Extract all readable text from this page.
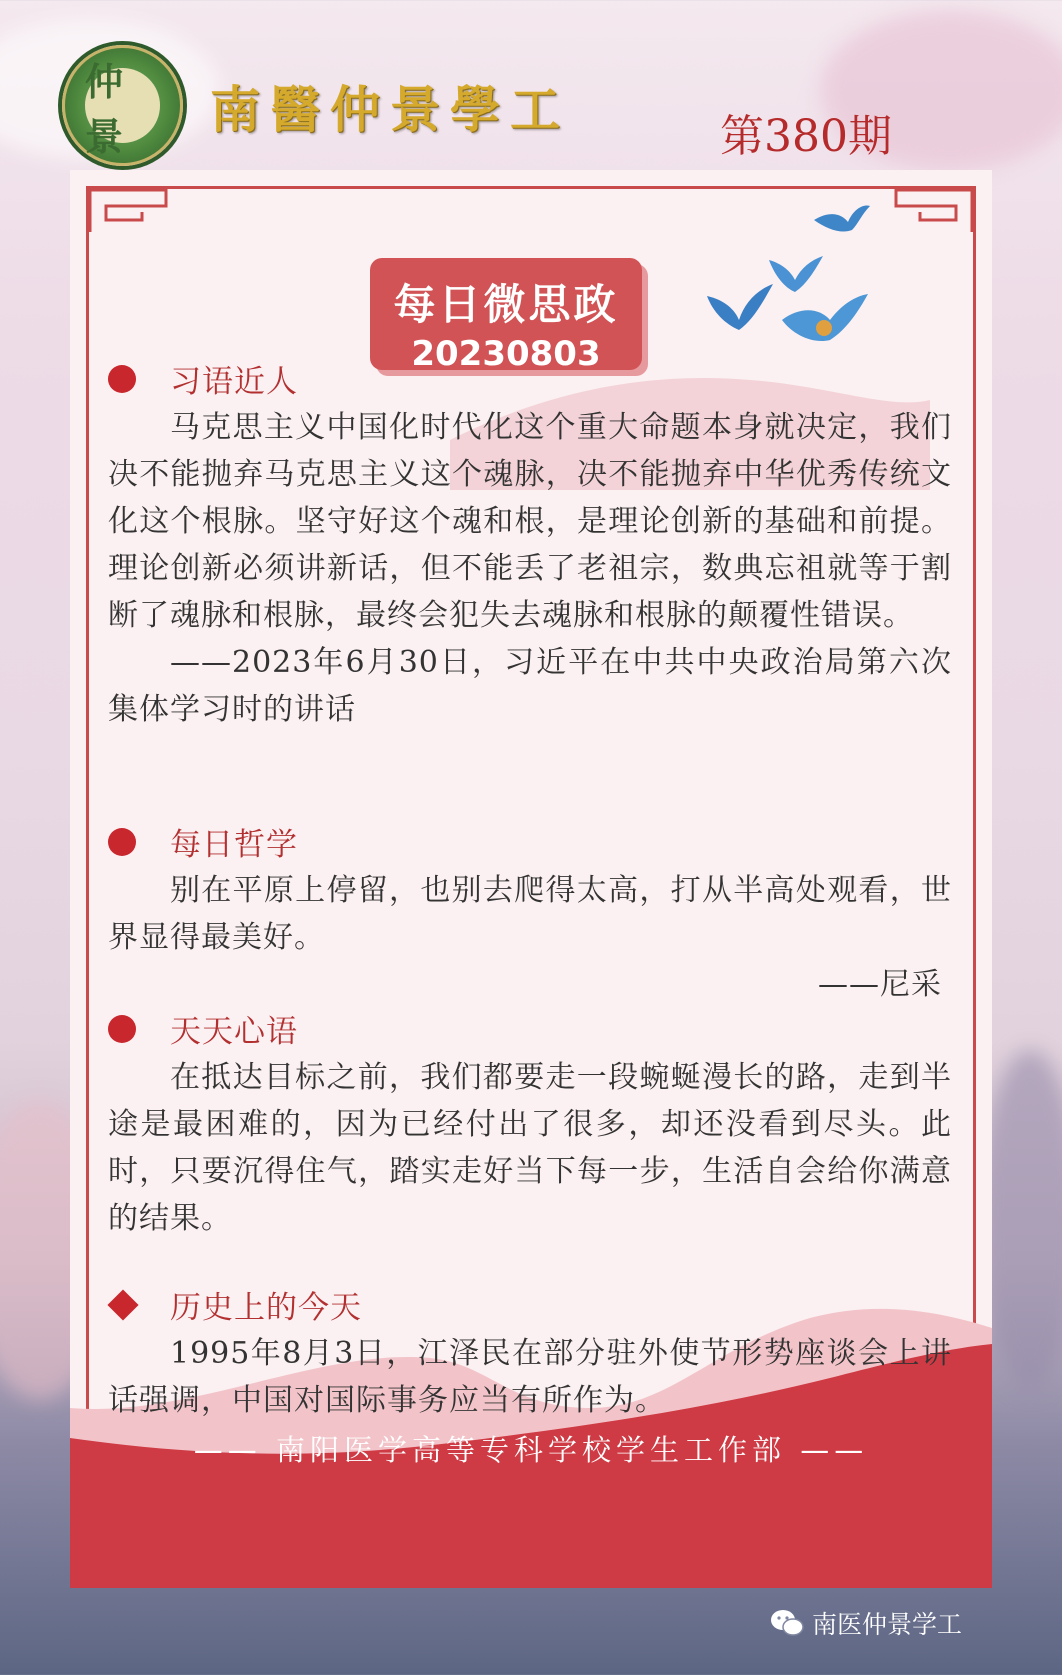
仲景	南醫仲景學工	第380期
每日微思政
20230803
习语近人

马克思主义中国化时代化这个重大命题本身就决定，我们决不能抛弃马克思主义这个魂脉，决不能抛弃中华优秀传统文化这个根脉。坚守好这个魂和根，是理论创新的基础和前提。理论创新必须讲新话，但不能丢了老祖宗，数典忘祖就等于割断了魂脉和根脉，最终会犯失去魂脉和根脉的颠覆性错误。

——2023年6月30日，习近平在中共中央政治局第六次集体学习时的讲话

每日哲学

别在平原上停留，也别去爬得太高，打从半高处观看，世界显得最美好。

——尼采

天天心语

在抵达目标之前，我们都要走一段蜿蜒漫长的路，走到半途是最困难的，因为已经付出了很多，却还没看到尽头。此时，只要沉得住气，踏实走好当下每一步，生活自会给你满意的结果。

历史上的今天

1995年8月3日，江泽民在部分驻外使节形势座谈会上讲话强调，中国对国际事务应当有所作为。

—— 南阳医学高等专科学校学生工作部 ——
南医仲景学工
